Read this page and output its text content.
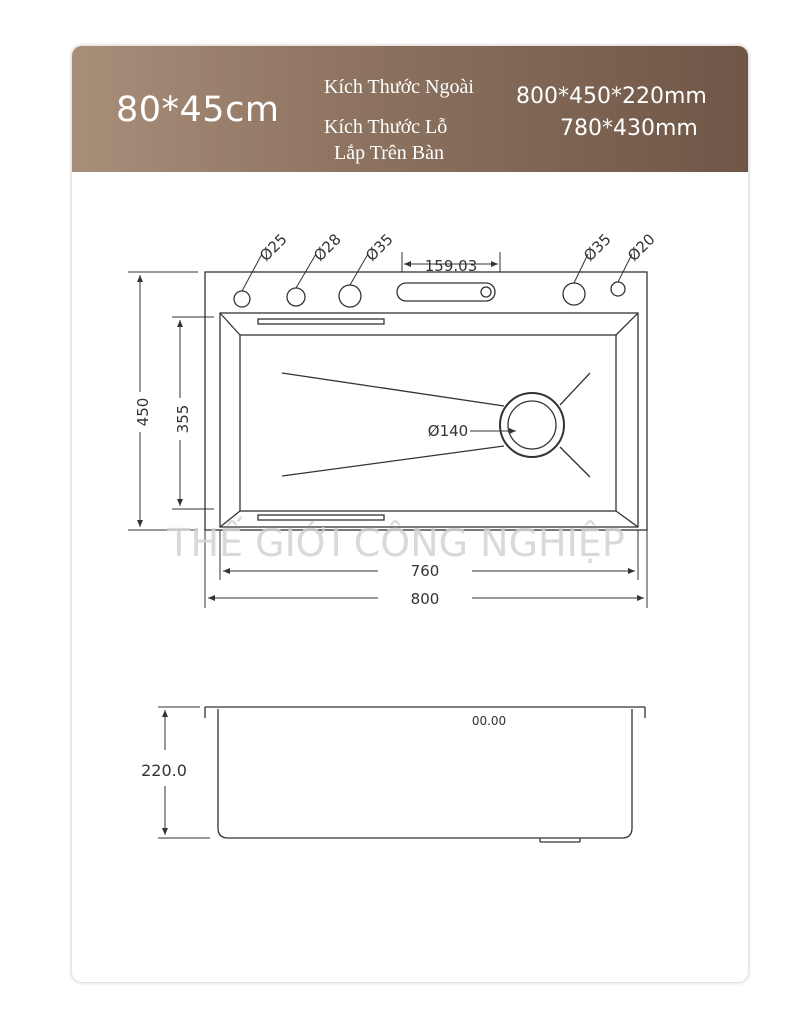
80*45cm
Kích Thước Ngoài 800*450*220mm
Kích Thước Lỗ	780*430mm
Lắp Trên Bàn
Ø25 Ø28 Ø35	Ø35 Ø20
159.03
Ø140
450 355
760
800
THẾ GIỚI CÔNG NGHIỆP
220.0
00.00
